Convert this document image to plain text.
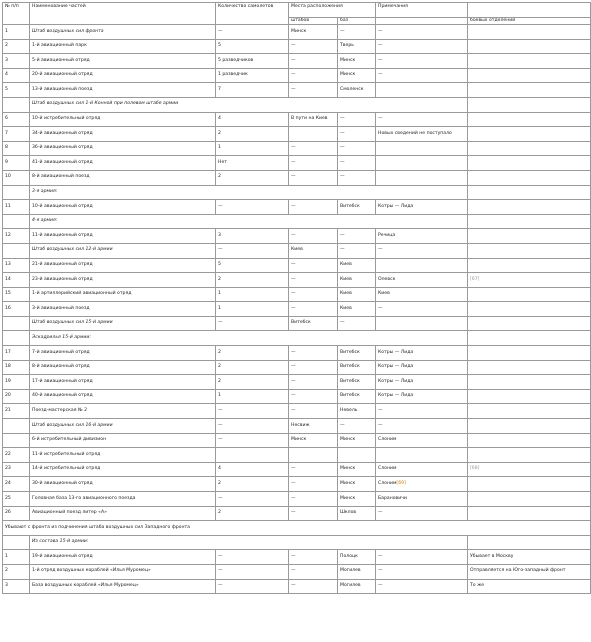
№ п/п	Наименование частей	Количество самолетов	Места расположения		Примечания	
			штабов	баз		боевых отделений
1	Штаб воздушных сил фронта	—	Минск	—	—	
2	1-й авиационный парк	5	—	Тверь	—	
3	5-й авиационный отряд	5 разведчиков	—	Минск	—	
4	20-й авиационный отряд	1 разведчик	—	Минск	—	
5	13-й авиационный поезд	7	—	Смоленск		
	Штаб воздушных сил 1-й Конной при полевом штабе армии					
6	10-й истребительный отряд	4	В пути на Киев	—	—	
7	34-й авиационный отряд	2		—	Новых сведений не поступало	
8	36-й авиационный отряд	1	—	—		
9	41-й авиационный отряд	Нет	—	—		
10	8-й авиационный поезд	2	—	—		
	3-я армия:					
11	10-й авиационный отряд	—	—	Витебск	Котры — Лида	
	4-я армия:					
12	11-й авиационный отряд	3	—	—	Речица	
	Штаб воздушных сил 12-й армии	—	Киев	—	—	
13	21-й авиационный отряд	5	—	Киев		
14	23-й авиационный отряд	2	—	Киев	Олевск	[67]
15	1-й артиллерийский авиационный отряд	1	—	Киев	Киев	
16	3-й авиационный поезд	1	—	Киев	—	
	Штаб воздушных сил 15-й армии	—	Витебск	—		
	Эскадрилья 15-й армии:					
17	7-й авиационный отряд	2	—	Витебск	Котры — Лида	
18	8-й авиационный отряд	2	—	Витебск	Котры — Лида	
19	17-й авиационный отряд	2	—	Витебск	Котры — Лида	
20	40-й авиационный отряд	1	—	Витебск	Котры — Лида	
21	Поезд-мастерская № 2	—	—	Невель	—	
	Штаб воздушных сил 16-й армии	—	Несвиж	—	—	
	6-й истребительный дивизион	—	Минск	Минск	Слоним	
22	11-й истребительный отряд					
23	14-й истребительный отряд	4	—	Минск	Слоним	[68]
24	30-й авиационный отряд	2	—	Минск	Слоним[69]	
25	Головная база 13-го авиационного поезда	—	—	Минск	Барановичи	
26	Авиационный поезд литер «А»	2	—	Шклов	—	
Убывают с фронта из подчинения штаба воздушных сил Западного фронта						
	Из состава 15-й армии:					
1	19-й авиационный отряд	—	—	Полоцк	—	Убывает в Москву
2	1-й отряд воздушных кораблей «Илья Муромец»	—	—	Могилев	—	Отправляется на Юго-западный фронт
3	База воздушных кораблей «Илья Муромец»	—	—	Могилев	—	То же
